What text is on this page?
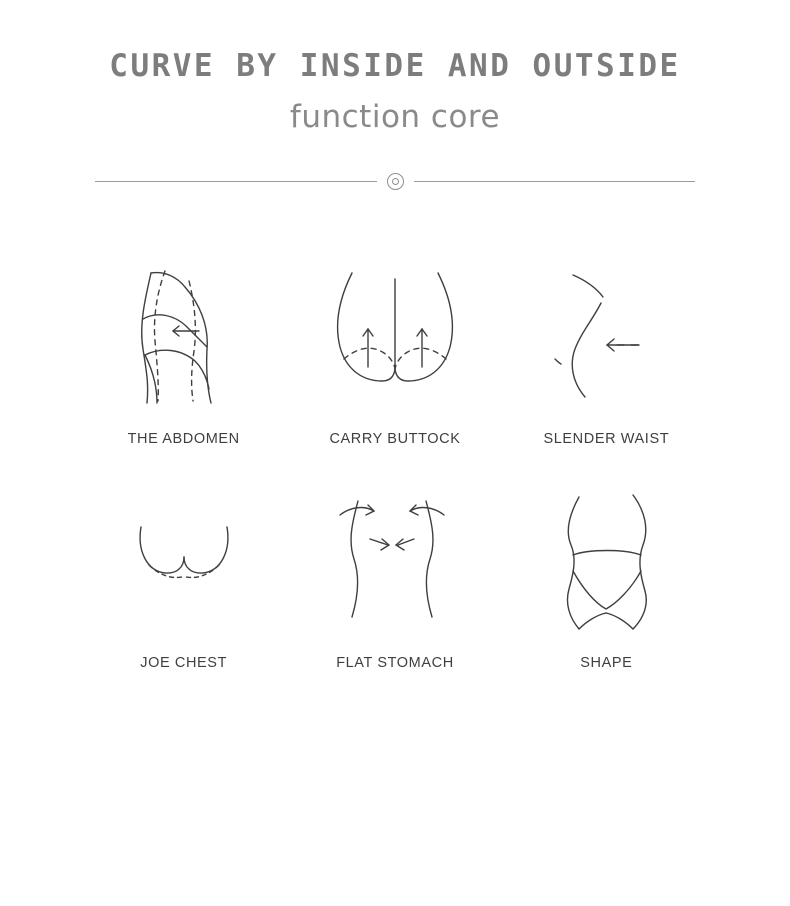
CURVE BY INSIDE AND OUTSIDE
function core
THE ABDOMEN	CARRY BUTTOCK	SLENDER WAIST
JOE CHEST	FLAT STOMACH	SHAPE
